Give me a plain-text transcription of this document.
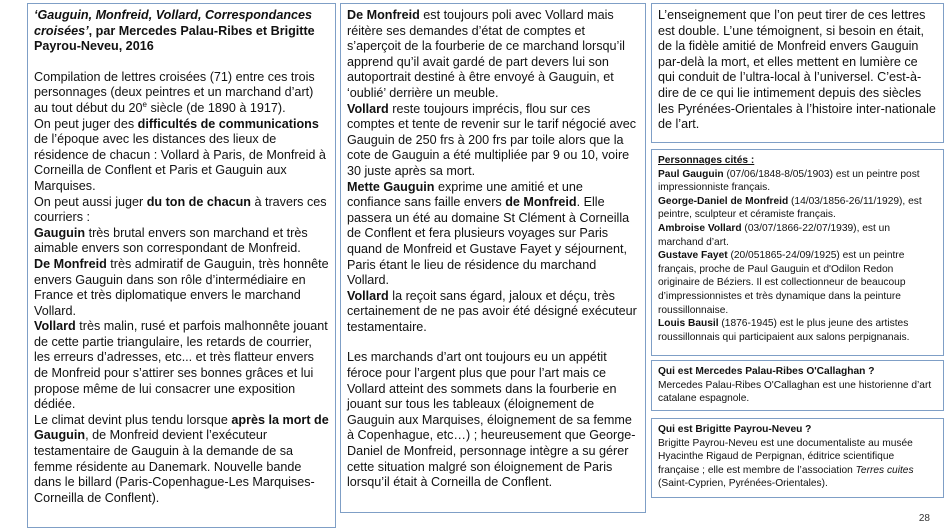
‘Gauguin, Monfreid, Vollard, Correspondances croisées’, par Mercedes Palau-Ribes et Brigitte Payrou-Neveu, 2016

Compilation de lettres croisées (71) entre ces trois personnages (deux peintres et un marchand d’art) au tout début du 20e siècle (de 1890 à 1917).

On peut juger des difficultés de communications de l’époque avec les distances des lieux de résidence de chacun : Vollard à Paris, de Monfreid à Corneilla de Conflent et Paris et Gauguin aux Marquises.

On peut aussi juger du ton de chacun à travers ces courriers :

Gauguin très brutal envers son marchand et très aimable envers son correspondant de Monfreid.

De Monfreid très admiratif de Gauguin, très honnête envers Gauguin dans son rôle d’intermédiaire en France et très diplomatique envers le marchand Vollard.

Vollard très malin, rusé et parfois malhonnête jouant de cette partie triangulaire, les retards de courrier, les erreurs d’adresses, etc... et très flatteur envers de Monfreid pour s’attirer ses bonnes grâces et lui propose même de lui consacrer une exposition dédiée.

Le climat devint plus tendu lorsque après la mort de Gauguin, de Monfreid devient l’exécuteur testamentaire de Gauguin à la demande de sa femme résidente au Danemark. Nouvelle bande dans le billard (Paris-Copenhague-Les Marquises-Corneilla de Conflent).

De Monfreid est toujours poli avec Vollard mais réitère ses demandes d’état de comptes et s’aperçoit de la fourberie de ce marchand lorsqu’il apprend qu’il avait gardé de part devers lui son autoportrait destiné à être envoyé à Gauguin, et ‘oublié’ derrière un meuble.

Vollard reste toujours imprécis, flou sur ces comptes et tente de revenir sur le tarif négocié avec Gauguin de 250 frs à 200 frs par toile alors que la cote de Gauguin a été multipliée par 9 ou 10, voire 30 juste après sa mort.

Mette Gauguin exprime une amitié et une confiance sans faille envers de Monfreid. Elle passera un été au domaine St Clément à Corneilla de Conflent et fera plusieurs voyages sur Paris quand de Monfreid et Gustave Fayet y séjournent, Paris étant le lieu de résidence du marchand Vollard.

Vollard la reçoit sans égard, jaloux et déçu, très certainement de ne pas avoir été désigné exécuteur testamentaire.

Les marchands d’art ont toujours eu un appétit féroce pour l’argent plus que pour l’art mais ce Vollard atteint des sommets dans la fourberie en jouant sur tous les tableaux (éloignement de Gauguin aux Marquises, éloignement de sa femme à Copenhague, etc…) ; heureusement que George-Daniel de Monfreid, personnage intègre a su gérer cette situation malgré son éloignement de Paris lorsqu’il était à Corneilla de Conflent.

L’enseignement que l’on peut tirer de ces lettres est double. L’une témoignent, si besoin en était, de la fidèle amitié de Monfreid envers Gauguin par-delà la mort, et elles mettent en lumière ce qui conduit de l’ultra-local à l’universel. C’est-à-dire de ce qui lie intimement depuis des siècles les Pyrénées-Orientales à l’histoire inter-nationale de l’art.

Personnages cités :

Paul Gauguin (07/06/1848-8/05/1903) est un peintre post impressionniste français.

George-Daniel de Monfreid (14/03/1856-26/11/1929), est peintre, sculpteur et céramiste français.

Ambroise Vollard (03/07/1866-22/07/1939), est un marchand d’art.

Gustave Fayet (20/051865-24/09/1925) est un peintre français, proche de Paul Gauguin et d'Odilon Redon originaire de Béziers. Il est collectionneur de beaucoup d’impressionnistes et très dynamique dans la peinture roussillonnaise.

Louis Bausil (1876-1945) est le plus jeune des artistes roussillonnais qui participaient aux salons perpignanais.

Qui est Mercedes Palau-Ribes O'Callaghan ?

Mercedes Palau-Ribes O'Callaghan est une historienne d’art catalane espagnole.

Qui est Brigitte Payrou-Neveu ?

Brigitte Payrou-Neveu est une documentaliste au musée Hyacinthe Rigaud de Perpignan, éditrice scientifique française ; elle est membre de l’association Terres cuites (Saint-Cyprien, Pyrénées-Orientales).

28
